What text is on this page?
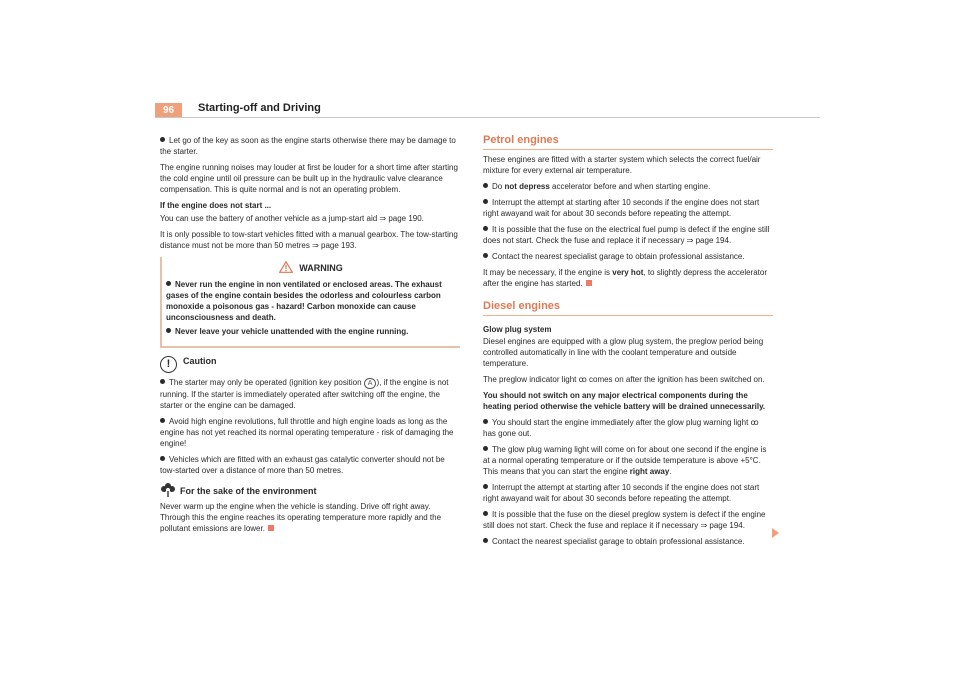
96	Starting-off and Driving

Let go of the key as soon as the engine starts otherwise there may be damage to the starter.

The engine running noises may louder at first be louder for a short time after starting the cold engine until oil pressure can be built up in the hydraulic valve clearance compensation. This is quite normal and is not an operating problem.

If the engine does not start ...

You can use the battery of another vehicle as a jump-start aid ⇒ page 190.

It is only possible to tow-start vehicles fitted with a manual gearbox. The tow-starting distance must not be more than 50 metres ⇒ page 193.

WARNING

Never run the engine in non ventilated or enclosed areas. The exhaust gases of the engine contain besides the odorless and colourless carbon monoxide a poisonous gas - hazard! Carbon monoxide can cause unconsciousness and death.

Never leave your vehicle unattended with the engine running.

! Caution

The starter may only be operated (ignition key position A ), if the engine is not running. If the starter is immediately operated after switching off the engine, the starter or the engine can be damaged.

Avoid high engine revolutions, full throttle and high engine loads as long as the engine has not yet reached its normal operating temperature - risk of damaging the engine!

Vehicles which are fitted with an exhaust gas catalytic converter should not be tow-started over a distance of more than 50 metres.

For the sake of the environment

Never warm up the engine when the vehicle is standing. Drive off right away. Through this the engine reaches its operating temperature more rapidly and the pollutant emissions are lower.

Petrol engines

These engines are fitted with a starter system which selects the correct fuel/air mixture for every external air temperature.

Do not depress accelerator before and when starting engine.

Interrupt the attempt at starting after 10 seconds if the engine does not start right awayand wait for about 30 seconds before repeating the attempt.

It is possible that the fuse on the electrical fuel pump is defect if the engine still does not start. Check the fuse and replace it if necessary ⇒ page 194.

Contact the nearest specialist garage to obtain professional assistance.

It may be necessary, if the engine is very hot, to slightly depress the accelerator after the engine has started.

Diesel engines

Glow plug system

Diesel engines are equipped with a glow plug system, the preglow period being controlled automatically in line with the coolant temperature and outside temperature.

The preglow indicator light ꝏ comes on after the ignition has been switched on.

You should not switch on any major electrical components during the heating period otherwise the vehicle battery will be drained unnecessarily.

You should start the engine immediately after the glow plug warning light ꝏ has gone out.

The glow plug warning light will come on for about one second if the engine is at a normal operating temperature or if the outside temperature is above +5°C. This means that you can start the engine right away.

Interrupt the attempt at starting after 10 seconds if the engine does not start right awayand wait for about 30 seconds before repeating the attempt.

It is possible that the fuse on the diesel preglow system is defect if the engine still does not start. Check the fuse and replace it if necessary ⇒ page 194.

Contact the nearest specialist garage to obtain professional assistance.
